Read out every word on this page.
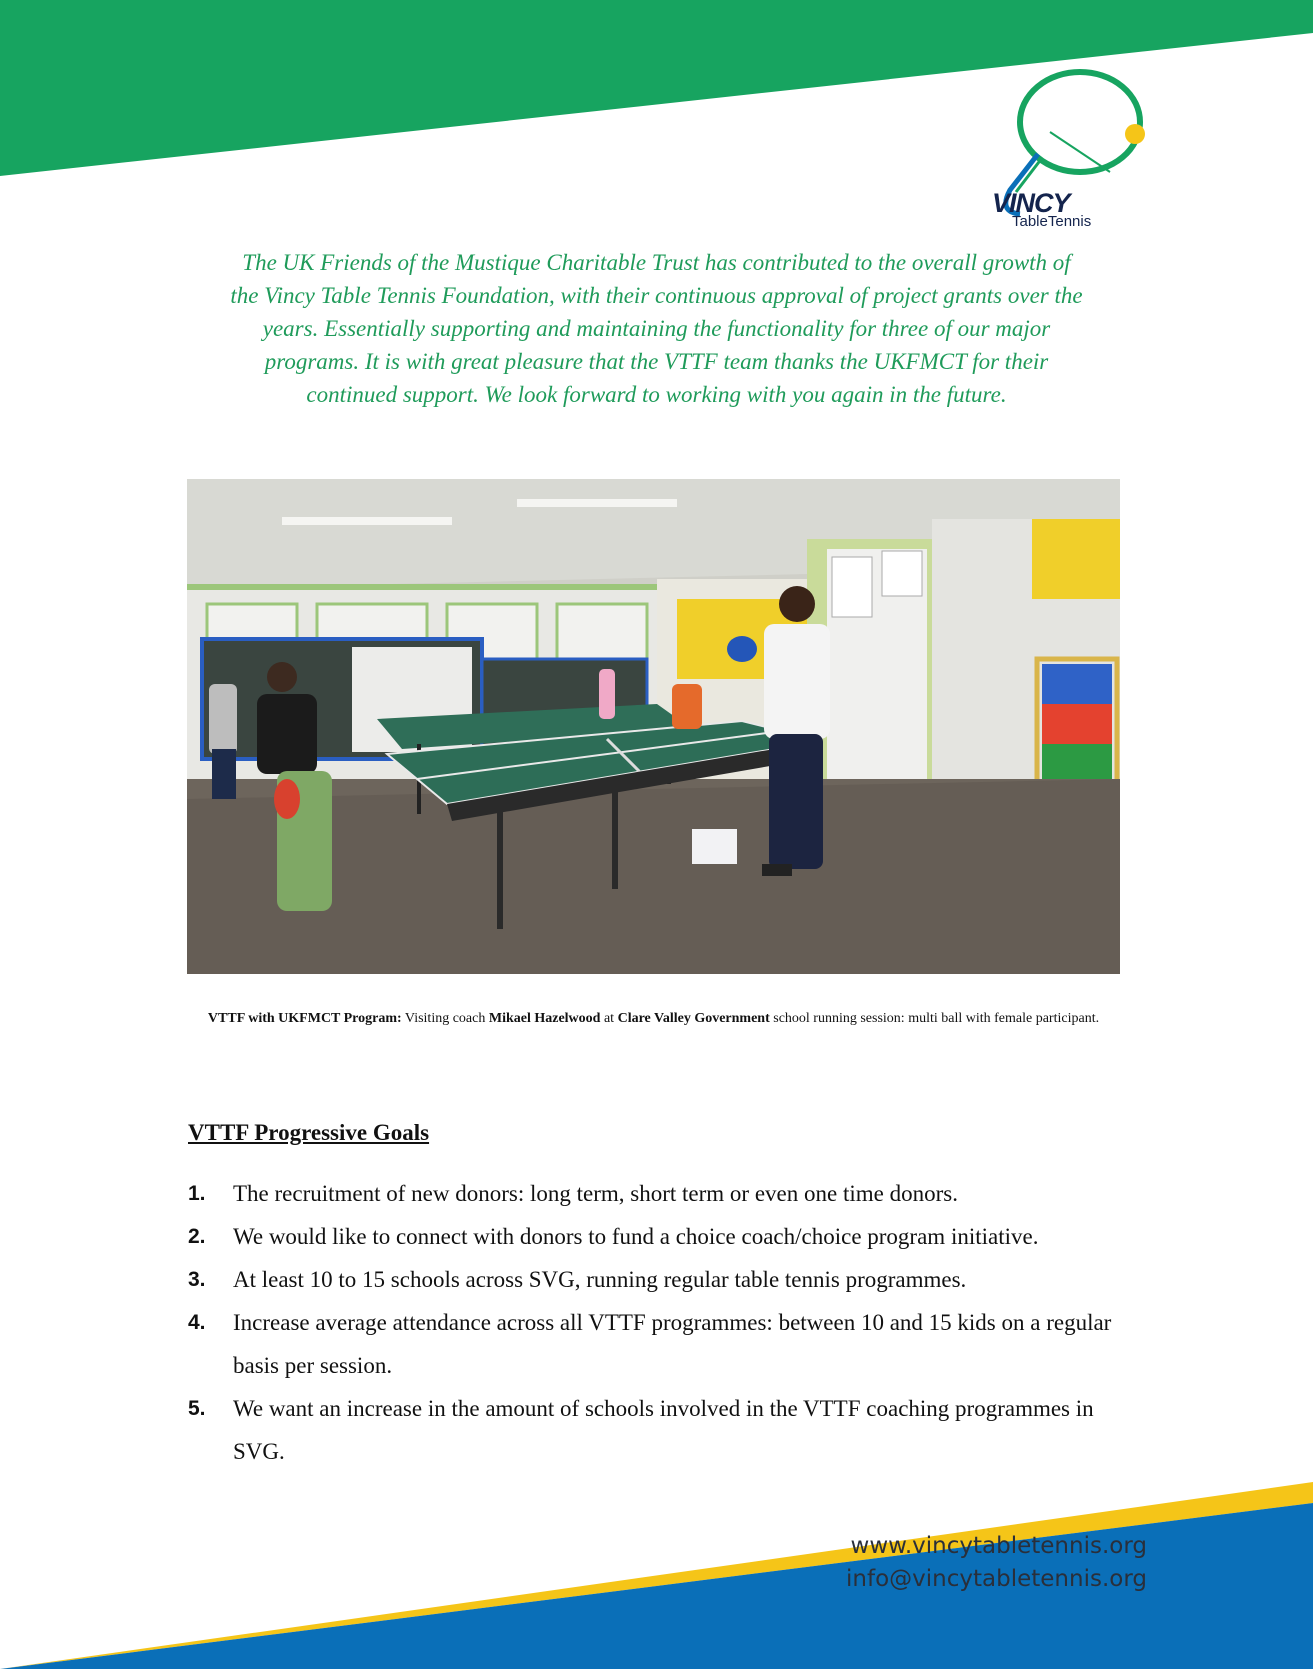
VINCY
TableTennis

The UK Friends of the Mustique Charitable Trust has contributed to the overall growth of
the Vincy Table Tennis Foundation, with their continuous approval of project grants over the
years. Essentially supporting and maintaining the functionality for three of our major
programs. It is with great pleasure that the VTTF team thanks the UKFMCT for their
continued support. We look forward to working with you again in the future.

VTTF with UKFMCT Program: Visiting coach Mikael Hazelwood at Clare Valley Government school running session: multi ball with female participant.

VTTF Progressive Goals
1. The recruitment of new donors: long term, short term or even one time donors.
2. We would like to connect with donors to fund a choice coach/choice program initiative.
3. At least 10 to 15 schools across SVG, running regular table tennis programmes.
4. Increase average attendance across all VTTF programmes: between 10 and 15 kids on a regular basis per session.
5. We want an increase in the amount of schools involved in the VTTF coaching programmes in SVG.
www.vincytabletennis.org
info@vincytabletennis.org
